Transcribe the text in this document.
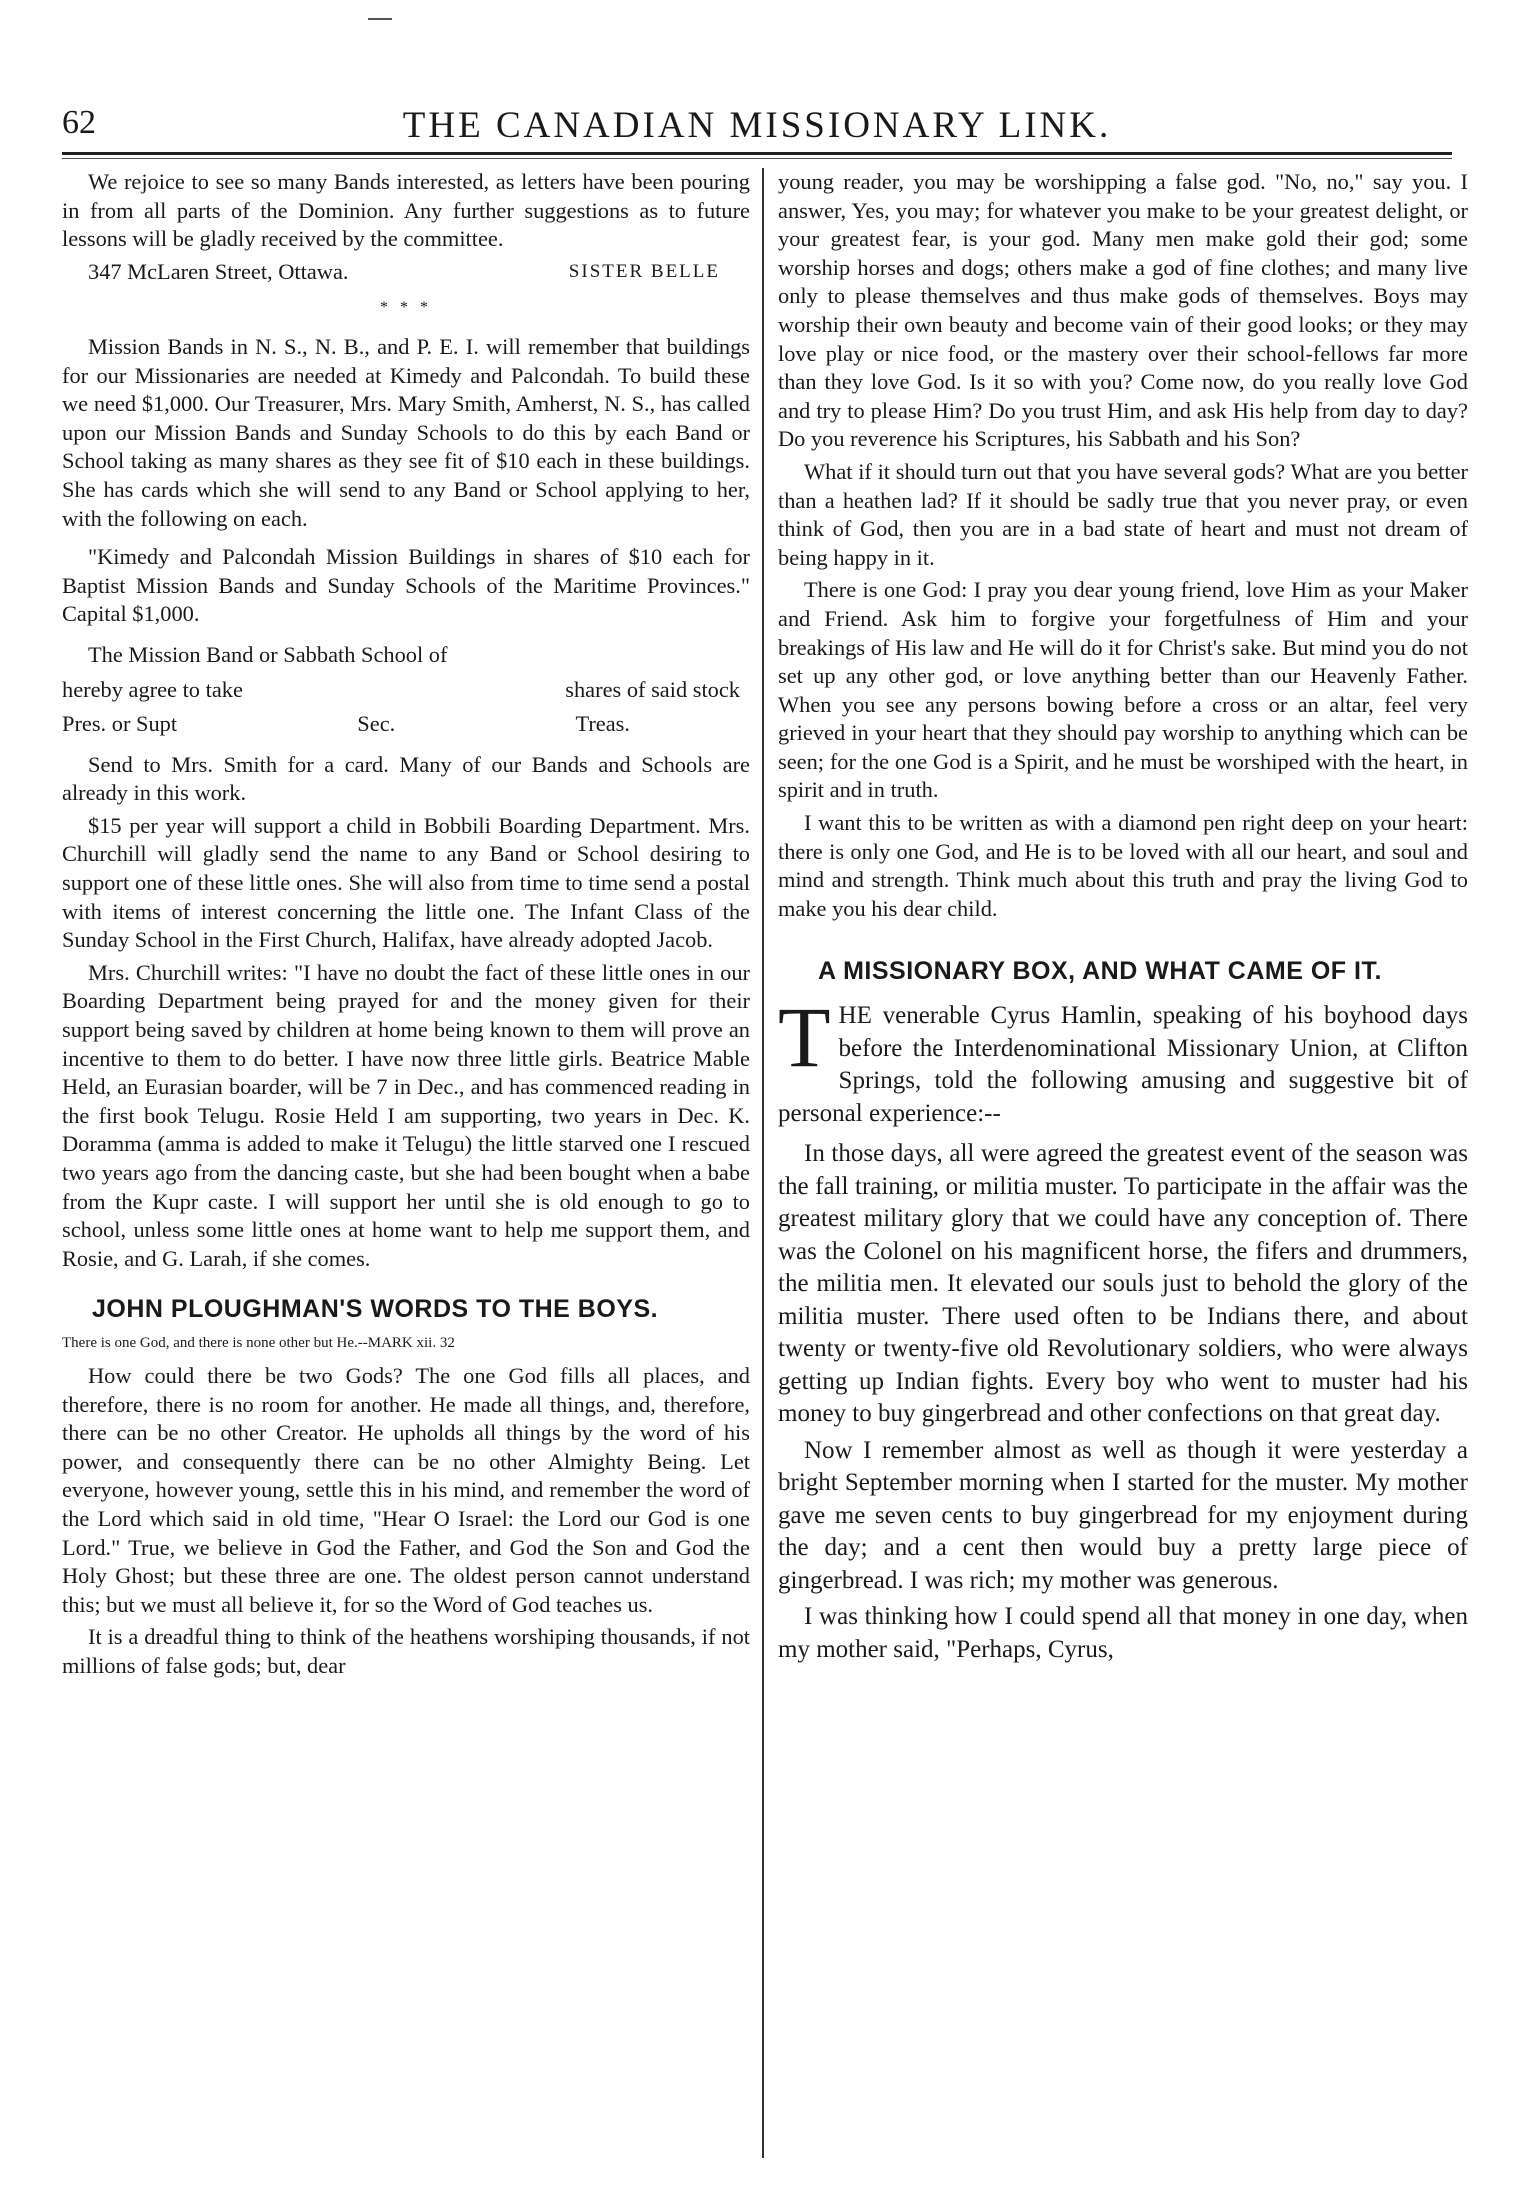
62	THE CANADIAN MISSIONARY LINK.

We rejoice to see so many Bands interested, as letters have been pouring in from all parts of the Dominion. Any further suggestions as to future lessons will be gladly received by the committee.

347 McLaren Street, Ottawa.	SISTER BELLE
* * *

Mission Bands in N. S., N. B., and P. E. I. will remember that buildings for our Missionaries are needed at Kimedy and Palcondah. To build these we need $1,000. Our Treasurer, Mrs. Mary Smith, Amherst, N. S., has called upon our Mission Bands and Sunday Schools to do this by each Band or School taking as many shares as they see fit of $10 each in these buildings. She has cards which she will send to any Band or School applying to her, with the following on each.

"Kimedy and Palcondah Mission Buildings in shares of $10 each for Baptist Mission Bands and Sunday Schools of the Maritime Provinces." Capital $1,000.

The Mission Band or Sabbath School of

hereby agree to take	shares of said stock
Pres. or Supt	Sec.	Treas.

Send to Mrs. Smith for a card. Many of our Bands and Schools are already in this work.

$15 per year will support a child in Bobbili Boarding Department. Mrs. Churchill will gladly send the name to any Band or School desiring to support one of these little ones. She will also from time to time send a postal with items of interest concerning the little one. The Infant Class of the Sunday School in the First Church, Halifax, have already adopted Jacob.

Mrs. Churchill writes: "I have no doubt the fact of these little ones in our Boarding Department being prayed for and the money given for their support being saved by children at home being known to them will prove an incentive to them to do better. I have now three little girls. Beatrice Mable Held, an Eurasian boarder, will be 7 in Dec., and has commenced reading in the first book Telugu. Rosie Held I am supporting, two years in Dec. K. Doramma (amma is added to make it Telugu) the little starved one I rescued two years ago from the dancing caste, but she had been bought when a babe from the Kupr caste. I will support her until she is old enough to go to school, unless some little ones at home want to help me support them, and Rosie, and G. Larah, if she comes.

JOHN PLOUGHMAN'S WORDS TO THE BOYS.

There is one God, and there is none other but He.--MARK xii. 32

How could there be two Gods? The one God fills all places, and therefore, there is no room for another. He made all things, and, therefore, there can be no other Creator. He upholds all things by the word of his power, and consequently there can be no other Almighty Being. Let everyone, however young, settle this in his mind, and remember the word of the Lord which said in old time, "Hear O Israel: the Lord our God is one Lord." True, we believe in God the Father, and God the Son and God the Holy Ghost; but these three are one. The oldest person cannot understand this; but we must all believe it, for so the Word of God teaches us.

It is a dreadful thing to think of the heathens worshiping thousands, if not millions of false gods; but, dear

young reader, you may be worshipping a false god. "No, no," say you. I answer, Yes, you may; for whatever you make to be your greatest delight, or your greatest fear, is your god. Many men make gold their god; some worship horses and dogs; others make a god of fine clothes; and many live only to please themselves and thus make gods of themselves. Boys may worship their own beauty and become vain of their good looks; or they may love play or nice food, or the mastery over their school-fellows far more than they love God. Is it so with you? Come now, do you really love God and try to please Him? Do you trust Him, and ask His help from day to day? Do you reverence his Scriptures, his Sabbath and his Son?

What if it should turn out that you have several gods? What are you better than a heathen lad? If it should be sadly true that you never pray, or even think of God, then you are in a bad state of heart and must not dream of being happy in it.

There is one God: I pray you dear young friend, love Him as your Maker and Friend. Ask him to forgive your forgetfulness of Him and your breakings of His law and He will do it for Christ's sake. But mind you do not set up any other god, or love anything better than our Heavenly Father. When you see any persons bowing before a cross or an altar, feel very grieved in your heart that they should pay worship to anything which can be seen; for the one God is a Spirit, and he must be worshiped with the heart, in spirit and in truth.

I want this to be written as with a diamond pen right deep on your heart: there is only one God, and He is to be loved with all our heart, and soul and mind and strength. Think much about this truth and pray the living God to make you his dear child.

A MISSIONARY BOX, AND WHAT CAME OF IT.

THE venerable Cyrus Hamlin, speaking of his boyhood days before the Interdenominational Missionary Union, at Clifton Springs, told the following amusing and suggestive bit of personal experience:--

In those days, all were agreed the greatest event of the season was the fall training, or militia muster. To participate in the affair was the greatest military glory that we could have any conception of. There was the Colonel on his magnificent horse, the fifers and drummers, the militia men. It elevated our souls just to behold the glory of the militia muster. There used often to be Indians there, and about twenty or twenty-five old Revolutionary soldiers, who were always getting up Indian fights. Every boy who went to muster had his money to buy gingerbread and other confections on that great day.

Now I remember almost as well as though it were yesterday a bright September morning when I started for the muster. My mother gave me seven cents to buy gingerbread for my enjoyment during the day; and a cent then would buy a pretty large piece of gingerbread. I was rich; my mother was generous.

I was thinking how I could spend all that money in one day, when my mother said, "Perhaps, Cyrus,
